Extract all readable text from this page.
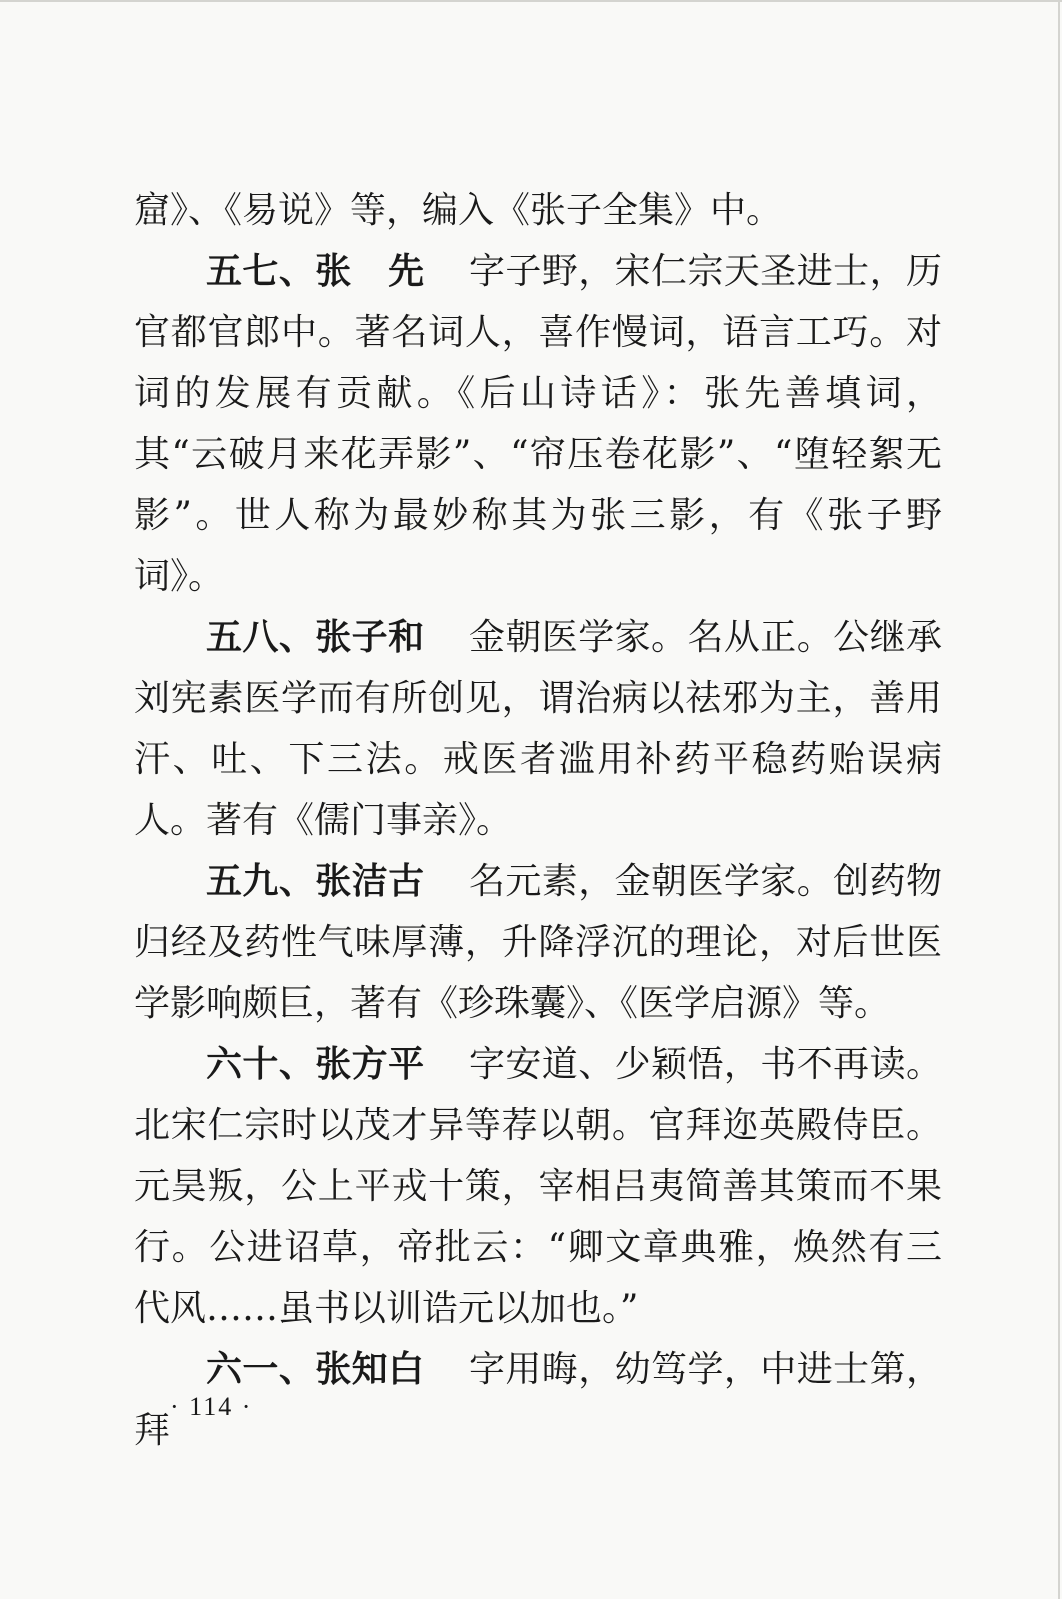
窟》、《易说》等，编入《张子全集》中。

五七、张　先 字子野，宋仁宗天圣进士，历官都官郎中。著名词人，喜作慢词，语言工巧。对词的发展有贡献。《后山诗话》：张先善填词，其“云破月来花弄影”、“帘压卷花影”、“堕轻絮无影”。世人称为最妙称其为张三影，有《张子野词》。

五八、张子和 金朝医学家。名从正。公继承刘宪素医学而有所创见，谓治病以祛邪为主，善用汗、吐、下三法。戒医者滥用补药平稳药贻误病人。著有《儒门事亲》。

五九、张洁古 名元素，金朝医学家。创药物归经及药性气味厚薄，升降浮沉的理论，对后世医学影响颇巨，著有《珍珠囊》、《医学启源》等。

六十、张方平 字安道、少颖悟，书不再读。北宋仁宗时以茂才异等荐以朝。官拜迩英殿侍臣。元昊叛，公上平戎十策，宰相吕夷简善其策而不果行。公进诏草，帝批云：“卿文章典雅，焕然有三代风……虽书以训诰元以加也。”

六一、张知白 字用晦，幼笃学，中进士第，拜

· 114 ·
